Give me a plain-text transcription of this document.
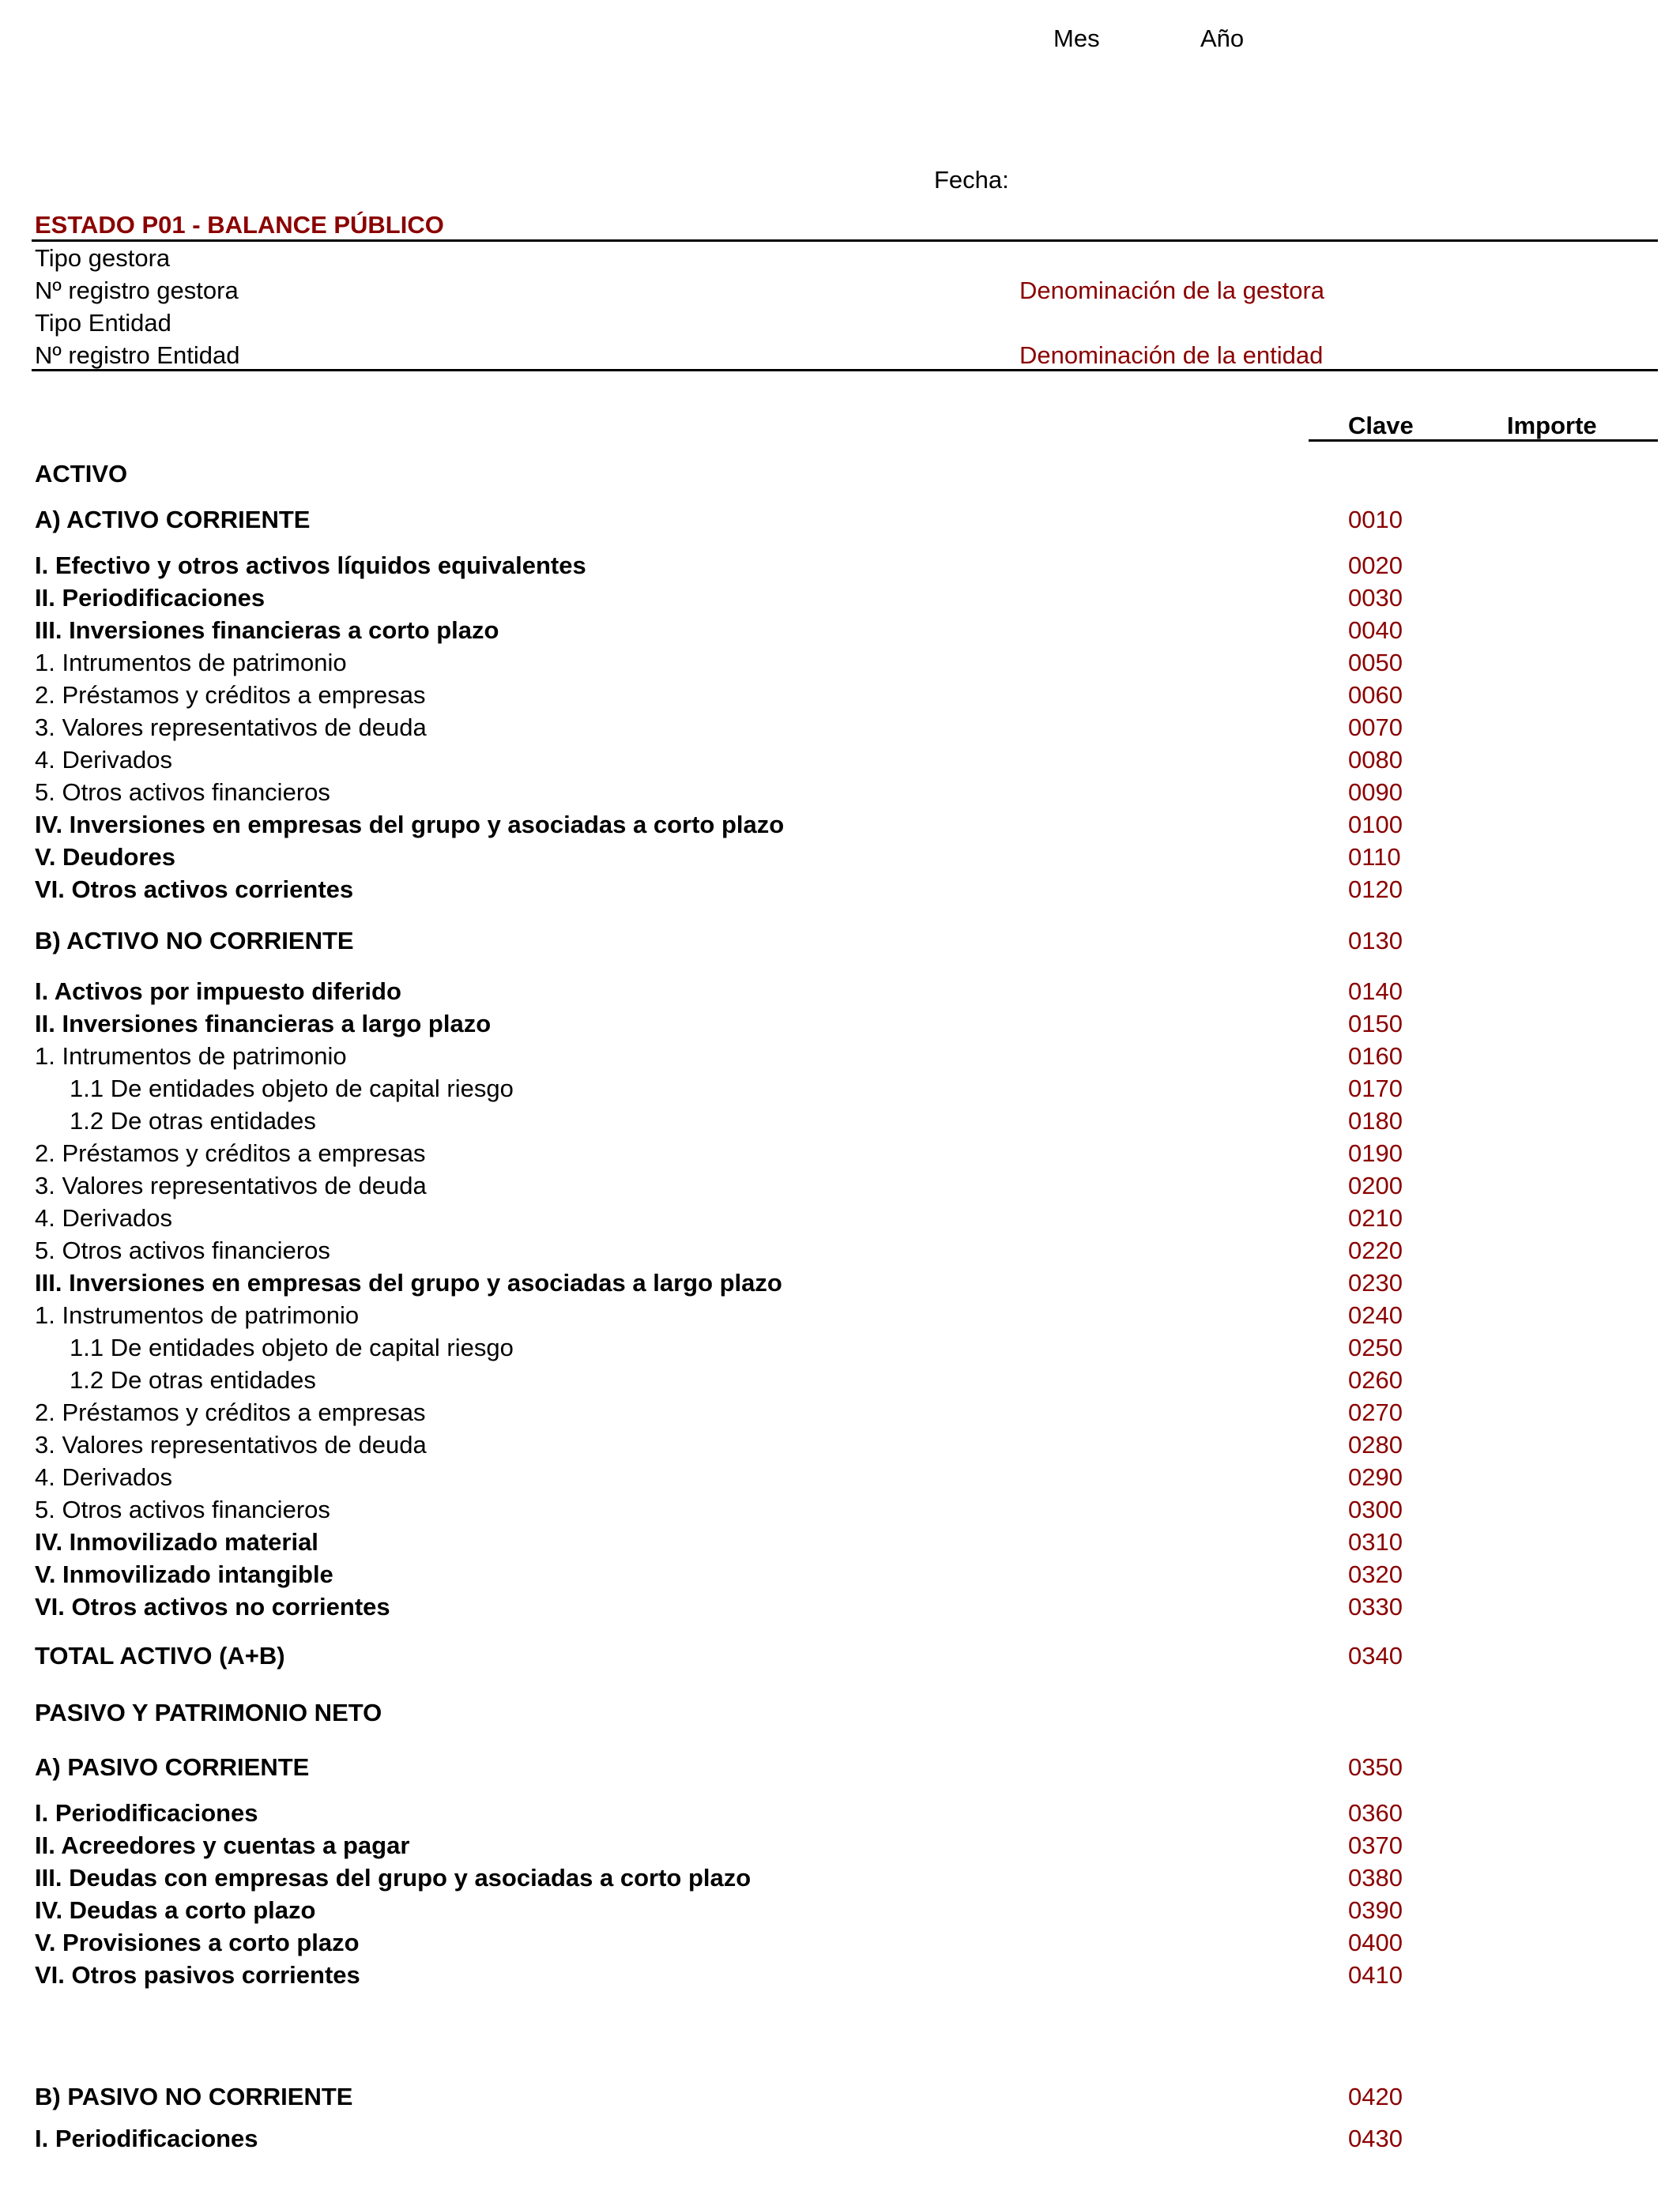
Mes	Año
Fecha:
ESTADO P01 - BALANCE PÚBLICO
Tipo gestora
Nº registro gestora	Denominación de la gestora
Tipo Entidad
Nº registro Entidad	Denominación de la entidad
Clave	Importe
ACTIVO
A) ACTIVO CORRIENTE	0010
I. Efectivo y otros activos líquidos equivalentes	0020
II. Periodificaciones	0030
III. Inversiones financieras a corto plazo	0040
1. Intrumentos de patrimonio	0050
2. Préstamos y créditos a empresas	0060
3. Valores representativos de deuda	0070
4. Derivados	0080
5. Otros activos financieros	0090
IV. Inversiones en empresas del grupo y asociadas a corto plazo	0100
V. Deudores	0110
VI. Otros activos corrientes	0120
B) ACTIVO NO CORRIENTE	0130
I. Activos por impuesto diferido	0140
II. Inversiones financieras a largo plazo	0150
1. Intrumentos de patrimonio	0160
1.1 De entidades objeto de capital riesgo	0170
1.2 De otras entidades	0180
2. Préstamos y créditos a empresas	0190
3. Valores representativos de deuda	0200
4. Derivados	0210
5. Otros activos financieros	0220
III. Inversiones en empresas del grupo y asociadas a largo plazo	0230
1. Instrumentos de patrimonio	0240
1.1 De entidades objeto de capital riesgo	0250
1.2 De otras entidades	0260
2. Préstamos y créditos a empresas	0270
3. Valores representativos de deuda	0280
4. Derivados	0290
5. Otros activos financieros	0300
IV. Inmovilizado material	0310
V. Inmovilizado intangible	0320
VI. Otros activos no corrientes	0330
TOTAL ACTIVO (A+B)	0340
PASIVO Y PATRIMONIO NETO
A) PASIVO CORRIENTE	0350
I. Periodificaciones	0360
II. Acreedores y cuentas a pagar	0370
III. Deudas con empresas del grupo y asociadas a corto plazo	0380
IV. Deudas a corto plazo	0390
V. Provisiones a corto plazo	0400
VI. Otros pasivos corrientes	0410
B) PASIVO NO CORRIENTE	0420
I. Periodificaciones	0430
